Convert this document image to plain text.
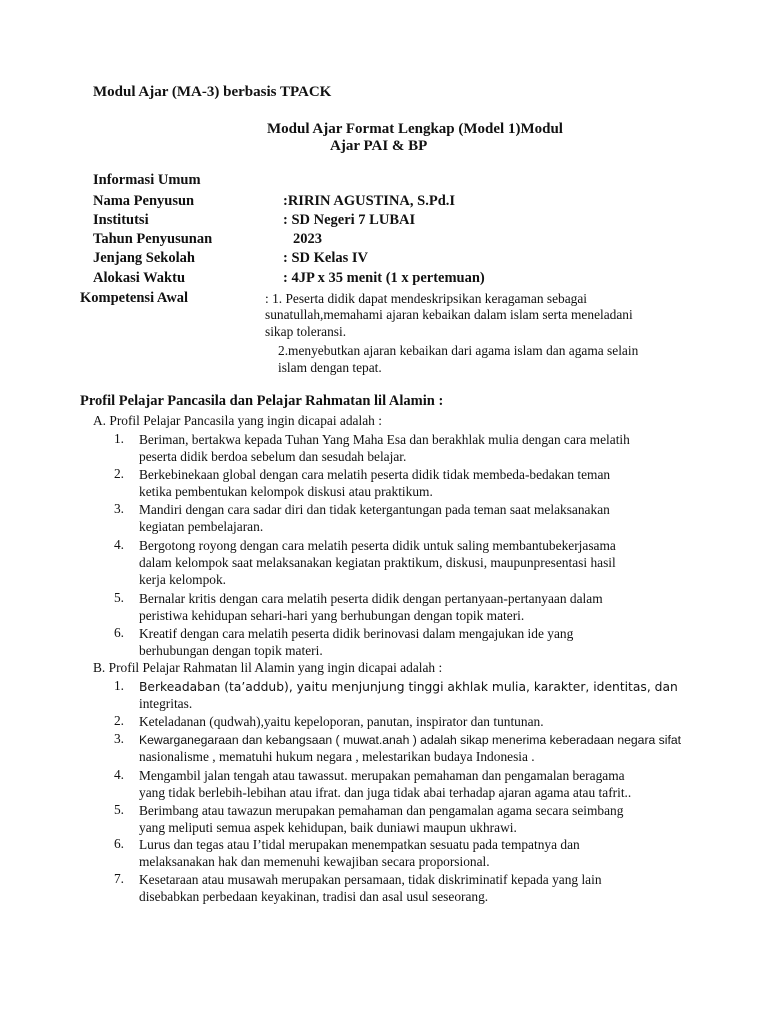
Modul Ajar (MA-3) berbasis TPACK
Modul Ajar Format Lengkap (Model 1)Modul
Ajar PAI & BP
Informasi Umum
Nama Penyusun	:RIRIN AGUSTINA, S.Pd.I
Institutsi	: SD Negeri 7 LUBAI
Tahun Penyusunan	2023
Jenjang Sekolah	: SD Kelas IV
Alokasi Waktu	: 4JP x 35 menit (1 x pertemuan)
Kompetensi Awal	: 1. Peserta didik dapat mendeskripsikan keragaman sebagai
sunatullah,memahami ajaran kebaikan dalam islam serta meneladani
sikap toleransi.
2.menyebutkan ajaran kebaikan dari agama islam dan agama selain
islam dengan tepat.
Profil Pelajar Pancasila dan Pelajar Rahmatan lil Alamin :
A. Profil Pelajar Pancasila yang ingin dicapai adalah :
1. Beriman, bertakwa kepada Tuhan Yang Maha Esa dan berakhlak mulia dengan cara melatih
peserta didik berdoa sebelum dan sesudah belajar.
2. Berkebinekaan global dengan cara melatih peserta didik tidak membeda-bedakan teman
ketika pembentukan kelompok diskusi atau praktikum.
3. Mandiri dengan cara sadar diri dan tidak ketergantungan pada teman saat melaksanakan
kegiatan pembelajaran.
4. Bergotong royong dengan cara melatih peserta didik untuk saling membantubekerjasama
dalam kelompok saat melaksanakan kegiatan praktikum, diskusi, maupunpresentasi hasil
kerja kelompok.
5. Bernalar kritis dengan cara melatih peserta didik dengan pertanyaan-pertanyaan dalam
peristiwa kehidupan sehari-hari yang berhubungan dengan topik materi.
6. Kreatif dengan cara melatih peserta didik berinovasi dalam mengajukan ide yang
berhubungan dengan topik materi.
B. Profil Pelajar Rahmatan lil Alamin yang ingin dicapai adalah :
1. Berkeadaban (ta’addub), yaitu menjunjung tinggi akhlak mulia, karakter, identitas, dan
integritas.
2. Keteladanan (qudwah),yaitu kepeloporan, panutan, inspirator dan tuntunan.
3. Kewarganegaraan dan kebangsaan ( muwat.anah ) adalah sikap menerima keberadaan negara sifat
nasionalisme , mematuhi hukum negara , melestarikan budaya Indonesia .
4. Mengambil jalan tengah atau tawassut. merupakan pemahaman dan pengamalan beragama
yang tidak berlebih-lebihan atau ifrat. dan juga tidak abai terhadap ajaran agama atau tafrit..
5. Berimbang atau tawazun merupakan pemahaman dan pengamalan agama secara seimbang
yang meliputi semua aspek kehidupan, baik duniawi maupun ukhrawi.
6. Lurus dan tegas atau I’tidal merupakan menempatkan sesuatu pada tempatnya dan
melaksanakan hak dan memenuhi kewajiban secara proporsional.
7. Kesetaraan atau musawah merupakan persamaan, tidak diskriminatif kepada yang lain
disebabkan perbedaan keyakinan, tradisi dan asal usul seseorang.
